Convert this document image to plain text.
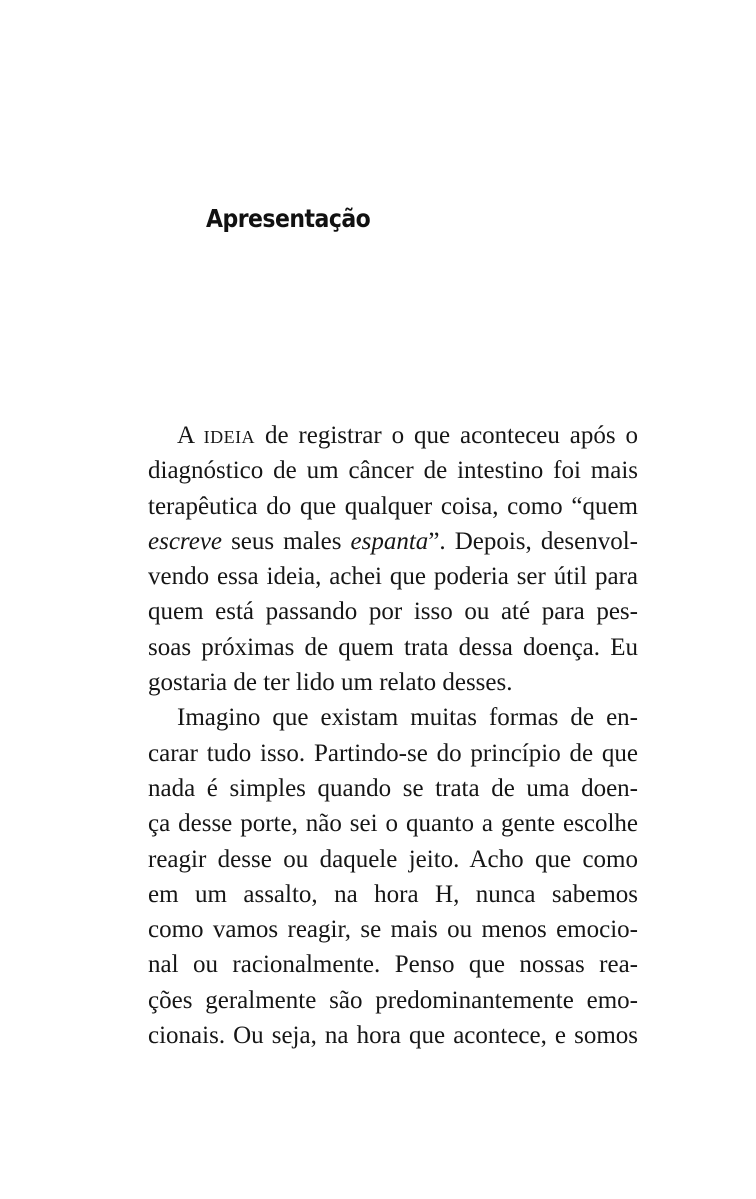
Apresentação
A ideia de registrar o que aconteceu após o
diagnóstico de um câncer de intestino foi mais
terapêutica do que qualquer coisa, como “quem
escreve seus males espanta”. Depois, desenvol-
vendo essa ideia, achei que poderia ser útil para
quem está passando por isso ou até para pes-
soas próximas de quem trata dessa doença. Eu
gostaria de ter lido um relato desses.
Imagino que existam muitas formas de en-
carar tudo isso. Partindo-se do princípio de que
nada é simples quando se trata de uma doen-
ça desse porte, não sei o quanto a gente escolhe
reagir desse ou daquele jeito. Acho que como
em um assalto, na hora H, nunca sabemos
como vamos reagir, se mais ou menos emocio-
nal ou racionalmente. Penso que nossas rea-
ções geralmente são predominantemente emo-
cionais. Ou seja, na hora que acontece, e somos
